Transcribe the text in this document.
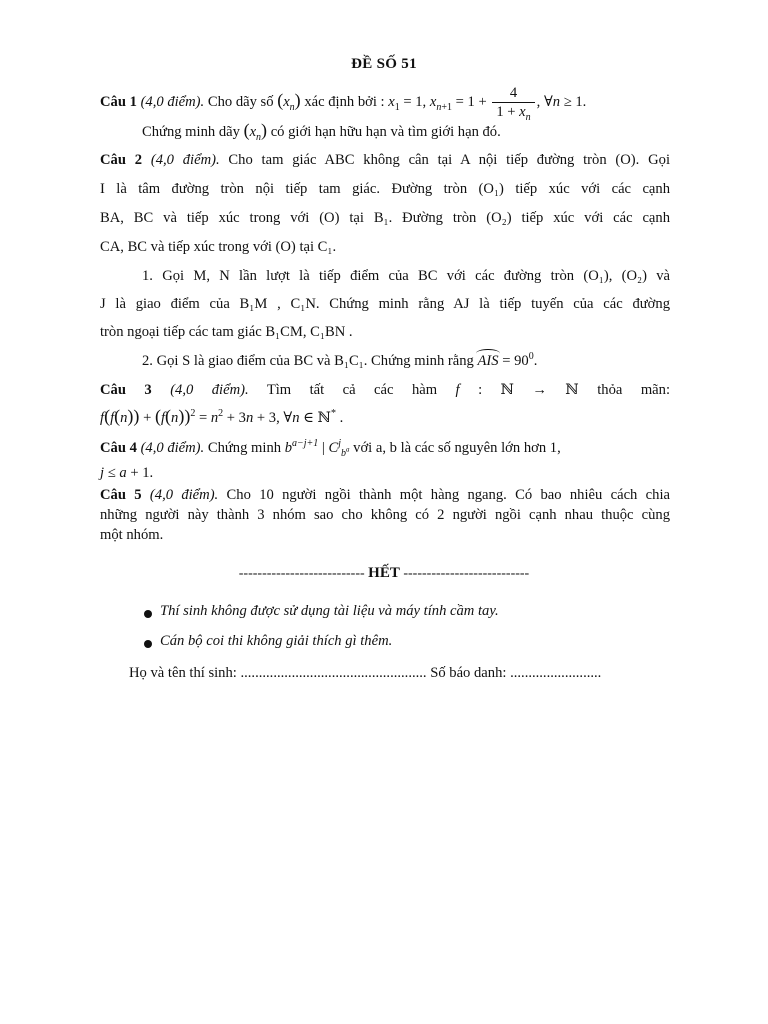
ĐỀ SỐ 51
Câu 1 (4,0 điểm). Cho dãy số $(x_n)$ xác định bởi : $x_1 = 1$, $x_{n+1} = 1 + \frac{4}{1 + x_n}$ , ∀n ≥ 1.
Chứng minh dãy $(x_n)$ có giới hạn hữu hạn và tìm giới hạn đó.
Câu 2 (4,0 điểm). Cho tam giác ABC không cân tại A nội tiếp đường tròn (O). Gọi
I là tâm đường tròn nội tiếp tam giác. Đường tròn (O₁) tiếp xúc với các cạnh
BA, BC và tiếp xúc trong với (O) tại B₁. Đường tròn (O₂) tiếp xúc với các cạnh
CA, BC và tiếp xúc trong với (O) tại C₁.
1. Gọi M, N lần lượt là tiếp điểm của BC với các đường tròn (O₁), (O₂) và
J là giao điểm của B₁M , C₁N. Chứng minh rằng AJ là tiếp tuyến của các đường
tròn ngoại tiếp các tam giác B₁CM, C₁BN .
2. Gọi S là giao điểm của BC và B₁C₁. Chứng minh rằng AIS = $90^0$.
Câu 3 (4,0 điểm). Tìm tất cả các hàm f : ℕ → ℕ thỏa mãn:
$f(f(n)) + (f(n))^2 = n^2 + 3n + 3$, ∀n ∈ ℕ* .
Câu 4 (4,0 điểm). Chứng minh $b^{a-j+1}$ | $C^j_{b^a}$ với a, b là các số nguyên lớn hơn 1,
j ≤ a + 1.
Câu 5 (4,0 điểm). Cho 10 người ngồi thành một hàng ngang. Có bao nhiêu cách chia
những người này thành 3 nhóm sao cho không có 2 người ngồi cạnh nhau thuộc cùng
một nhóm.
--------------------------- HẾT ---------------------------
Thí sinh không được sử dụng tài liệu và máy tính cầm tay.
Cán bộ coi thi không giải thích gì thêm.
Họ và tên thí sinh: ................................................... Số báo danh: .........................
